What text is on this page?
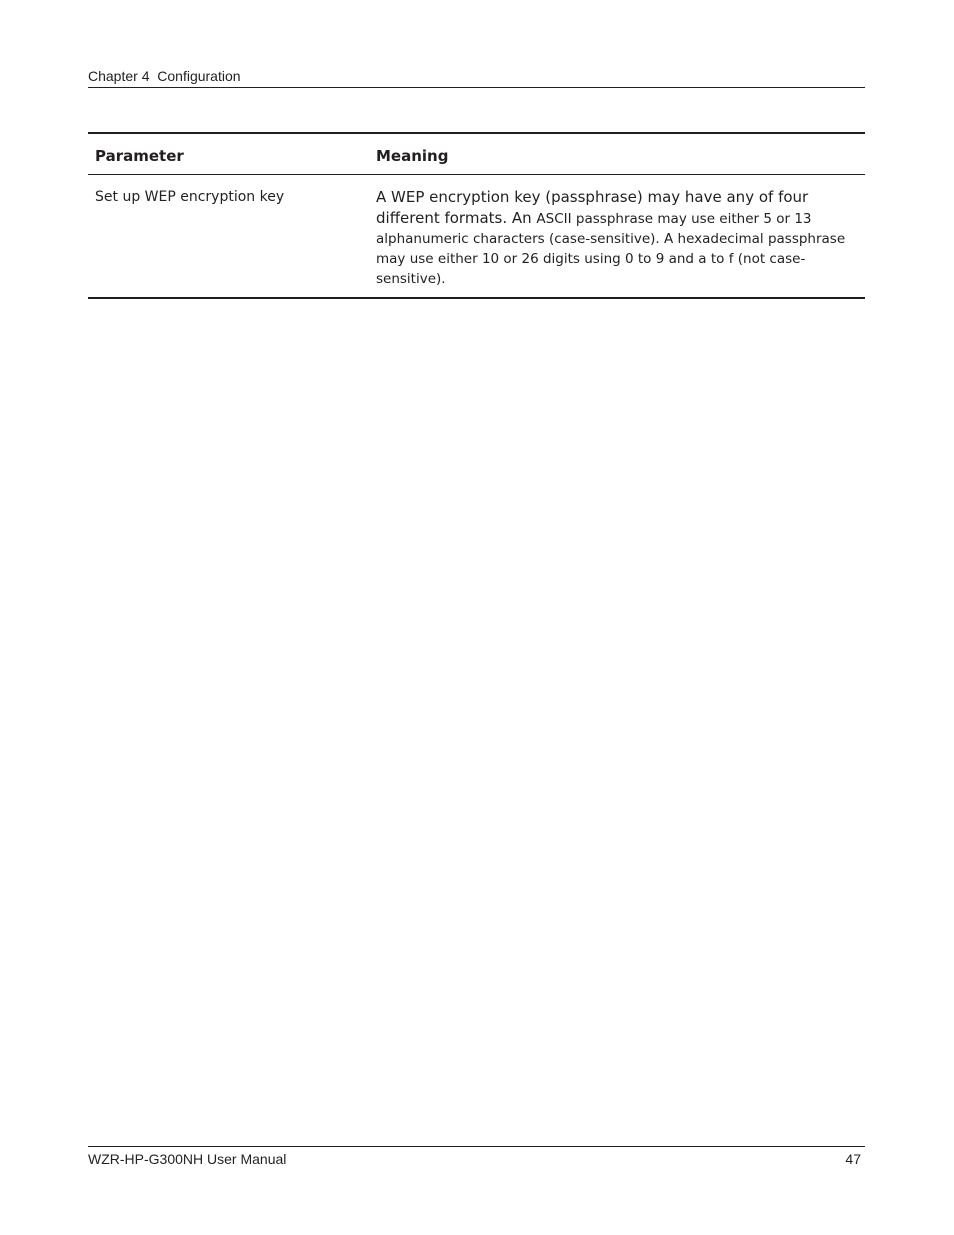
Chapter 4  Configuration
Parameter	Meaning
Set up WEP encryption key	A WEP encryption key (passphrase) may have any of four different formats. An ASCII passphrase may use either 5 or 13 alphanumeric characters (case-sensitive). A hexadecimal passphrase may use either 10 or 26 digits using 0 to 9 and a to f (not case-sensitive).
WZR-HP-G300NH User Manual	47
